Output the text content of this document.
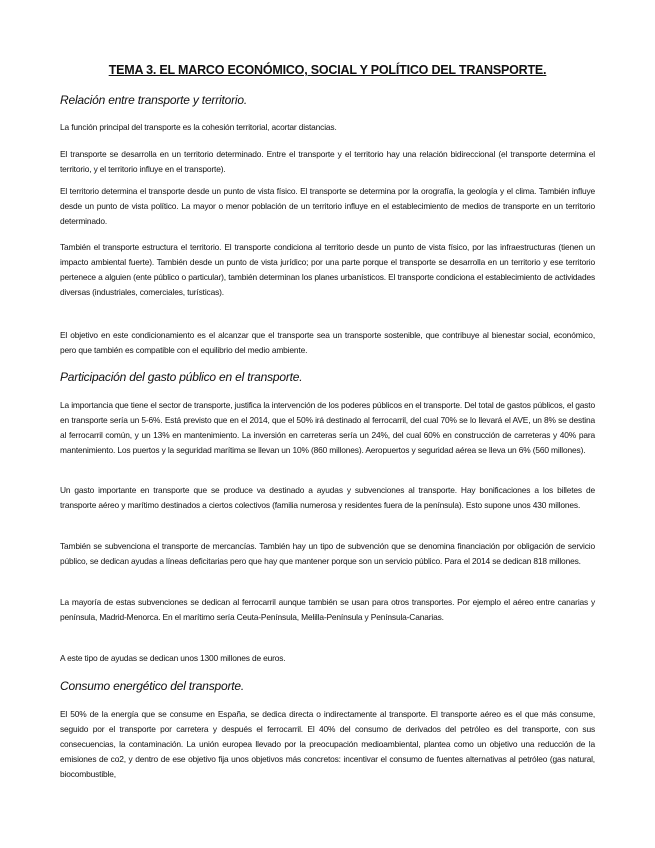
TEMA 3. EL MARCO ECONÓMICO, SOCIAL Y POLÍTICO DEL TRANSPORTE.
Relación entre transporte y territorio.
La función principal del transporte es la cohesión territorial, acortar distancias.
El transporte se desarrolla en un territorio determinado. Entre el transporte y el territorio hay una relación bidireccional (el transporte determina el territorio, y el territorio influye en el transporte).
El territorio determina el transporte desde un punto de vista físico. El transporte se determina por la orografía, la geología y el clima. También influye desde un punto de vista político. La mayor o menor población de un territorio influye en el establecimiento de medios de transporte en un territorio determinado.
También el transporte estructura el territorio. El transporte condiciona al territorio desde un punto de vista físico, por las infraestructuras (tienen un impacto ambiental fuerte). También desde un punto de vista jurídico; por una parte porque el transporte se desarrolla en un territorio y ese territorio pertenece a alguien (ente público o particular), también determinan los planes urbanísticos. El transporte condiciona el establecimiento de actividades diversas (industriales, comerciales, turísticas).
El objetivo en este condicionamiento es el alcanzar que el transporte sea un transporte sostenible, que contribuye al bienestar social, económico, pero que también es compatible con el equilibrio del medio ambiente.
Participación del gasto público en el transporte.
La importancia que tiene el sector de transporte, justifica la intervención de los poderes públicos en el transporte. Del total de gastos públicos, el gasto en transporte sería un 5-6%. Está previsto que en el 2014, que el 50% irá destinado al ferrocarril, del cual 70% se lo llevará el AVE, un 8% se destina al ferrocarril común, y un 13% en mantenimiento. La inversión en carreteras sería un 24%, del cual 60% en construcción de carreteras y 40% para mantenimiento. Los puertos y la seguridad marítima se llevan un 10% (860 millones). Aeropuertos y seguridad aérea se lleva un 6% (560 millones).
Un gasto importante en transporte que se produce va destinado a ayudas y subvenciones al transporte. Hay bonificaciones a los billetes de transporte aéreo y marítimo destinados a ciertos colectivos (familia numerosa y residentes fuera de la península). Esto supone unos 430 millones.
También se subvenciona el transporte de mercancías. También hay un tipo de subvención que se denomina financiación por obligación de servicio público, se dedican ayudas a líneas deficitarias pero que hay que mantener porque son un servicio público. Para el 2014 se dedican 818 millones.
La mayoría de estas subvenciones se dedican al ferrocarril aunque también se usan para otros transportes. Por ejemplo el aéreo entre canarias y península, Madrid-Menorca. En el marítimo sería Ceuta-Península, Melilla-Península y Península-Canarias.
A este tipo de ayudas se dedican unos 1300 millones de euros.
Consumo energético del transporte.
El 50% de la energía que se consume en España, se dedica directa o indirectamente al transporte. El transporte aéreo es el que más consume, seguido por el transporte por carretera y después el ferrocarril. El 40% del consumo de derivados del petróleo es del transporte, con sus consecuencias, la contaminación. La unión europea llevado por la preocupación medioambiental, plantea como un objetivo una reducción de la emisiones de co2, y dentro de ese objetivo fija unos objetivos más concretos: incentivar el consumo de fuentes alternativas al petróleo (gas natural, biocombustible,
